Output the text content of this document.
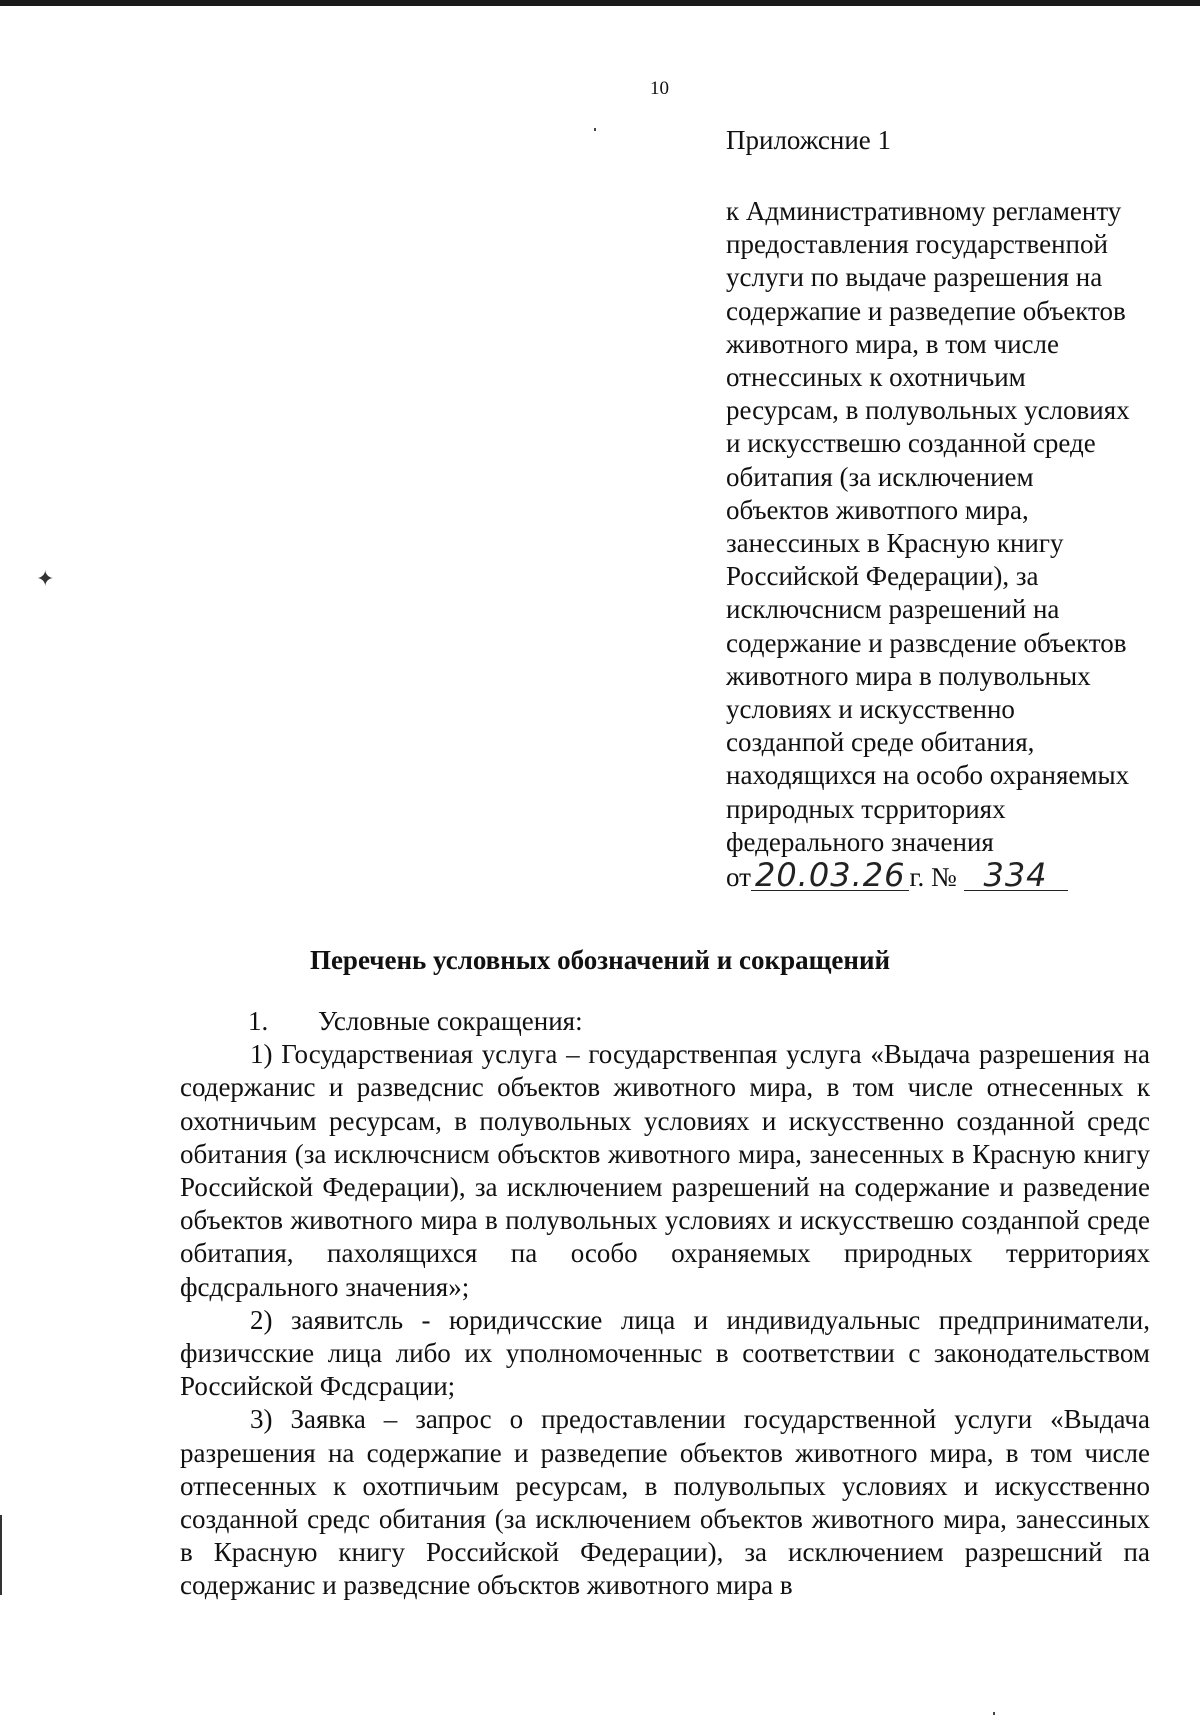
✦
10
Приложсние 1
к Административному регламенту
предоставления государственпой
услуги по выдаче разрешения на
содержапие и разведепие объектов
животного мира, в том числе
отнессиных к охотничьим
ресурсам, в полувольных условиях
и искусствешю созданной среде
обитапия (за исключением
объектов животпого мира,
занессиных в Красную книгу
Российской Федерации), за
исключснисм разрешений на
содержание и развсдение объектов
животного мира в полувольных
условиях и искусственно
созданпой среде обитания,
находящихся на особо охраняемых
природных тсрриториях
федерального значения
от 20.03.26 г. № 334
Перечень условных обозначений и сокращений
1. Условные сокращения:

1) Государствениая услуга – государственпая услуга «Выдача разрешения на содержанис и разведснис объектов животного мира, в том числе отнесенных к охотничьим ресурсам, в полувольных условиях и искусственно созданной средс обитания (за исключснисм объсктов животного мира, занесенных в Красную книгу Российской Федерации), за исключением разрешений на содержание и разведение объектов животного мира в полувольных условиях и искусствешю созданпой среде обитапия, пахолящихся па особо охраняемых природных территориях фсдсрального значения»;

2) заявитсль - юридичсские лица и индивидуальныс предприниматели, физичсские лица либо их уполномоченныс в соответствии с законодательством Российской Фсдсрации;

3) Заявка – запрос о предоставлении государственной услуги «Выдача разрешения на содержапие и разведепие объектов животного мира, в том числе отпесенных к охотпичьим ресурсам, в полувольпых условиях и искусственно созданной средс обитания (за исключением объектов животного мира, занессиных в Красную книгу Российской Федерации), за исключением разрешсний па содержанис и разведсние объсктов животного мира в
